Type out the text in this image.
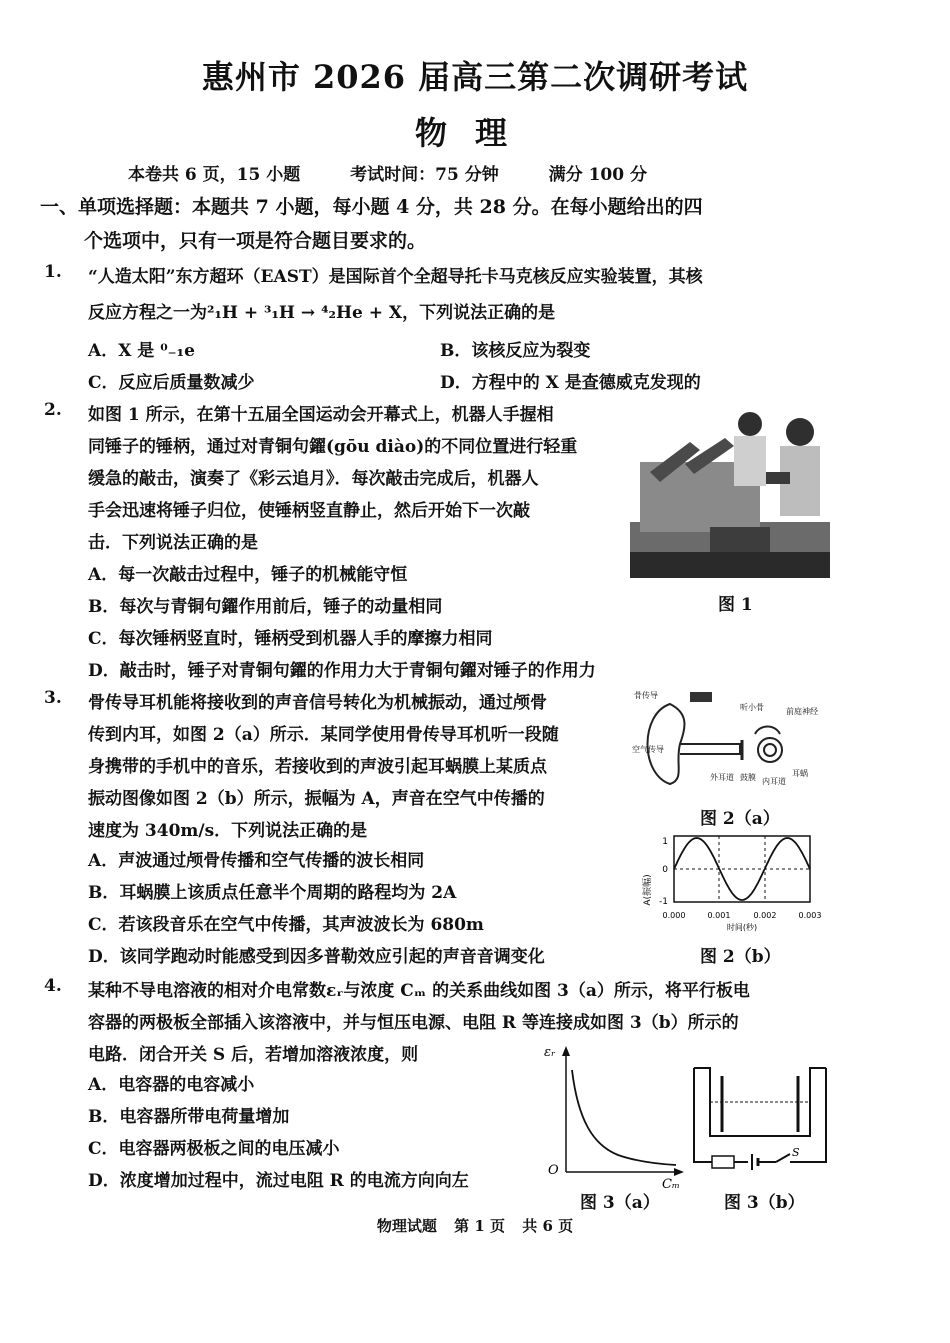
惠州市 2026 届高三第二次调研考试
物理
本卷共 6 页，15 小题	考试时间：75 分钟	满分 100 分
一、单项选择题：本题共 7 小题，每小题 4 分，共 28 分。在每小题给出的四
个选项中，只有一项是符合题目要求的。
1. “人造太阳”东方超环（EAST）是国际首个全超导托卡马克核反应实验装置，其核
反应方程之一为²₁H + ³₁H → ⁴₂He + X，下列说法正确的是
A．X 是 ⁰₋₁e	B．该核反应为裂变
C．反应后质量数减少	D．方程中的 X 是查德威克发现的
2. 如图 1 所示，在第十五届全国运动会开幕式上，机器人手握相
同锤子的锤柄，通过对青铜句鑃(gōu diào)的不同位置进行轻重
缓急的敲击，演奏了《彩云追月》．每次敲击完成后，机器人
手会迅速将锤子归位，使锤柄竖直静止，然后开始下一次敲
击．下列说法正确的是
A．每一次敲击过程中，锤子的机械能守恒
B．每次与青铜句鑃作用前后，锤子的动量相同
C．每次锤柄竖直时，锤柄受到机器人手的摩擦力相同
D．敲击时，锤子对青铜句鑃的作用力大于青铜句鑃对锤子的作用力
图 1
3. 骨传导耳机能将接收到的声音信号转化为机械振动，通过颅骨
传到内耳，如图 2（a）所示．某同学使用骨传导耳机听一段随
身携带的手机中的音乐，若接收到的声波引起耳蜗膜上某质点
振动图像如图 2（b）所示，振幅为 A，声音在空气中传播的
速度为 340m/s．下列说法正确的是
A．声波通过颅骨传播和空气传播的波长相同
B．耳蜗膜上该质点任意半个周期的路程均为 2A
C．若该段音乐在空气中传播，其声波波长为 680m
D．该同学跑动时能感受到因多普勒效应引起的声音音调变化
骨传导
听小骨	前庭神经
空气传导
外耳道 鼓膜 内耳道
耳蜗
图 2（a）
A(振幅)
1
0
-1
0.000	0.001	0.002	0.003
时间(秒)
图 2（b）
4. 某种不导电溶液的相对介电常数εᵣ与浓度 Cₘ 的关系曲线如图 3（a）所示，将平行板电
容器的两极板全部插入该溶液中，并与恒压电源、电阻 R 等连接成如图 3（b）所示的
电路．闭合开关 S 后，若增加溶液浓度，则
A．电容器的电容减小
B．电容器所带电荷量增加
C．电容器两极板之间的电压减小
D．浓度增加过程中，流过电阻 R 的电流方向向左
εᵣ
O
Cₘ
图 3（a）
S
图 3（b）
物理试题 第 1 页 共 6 页
